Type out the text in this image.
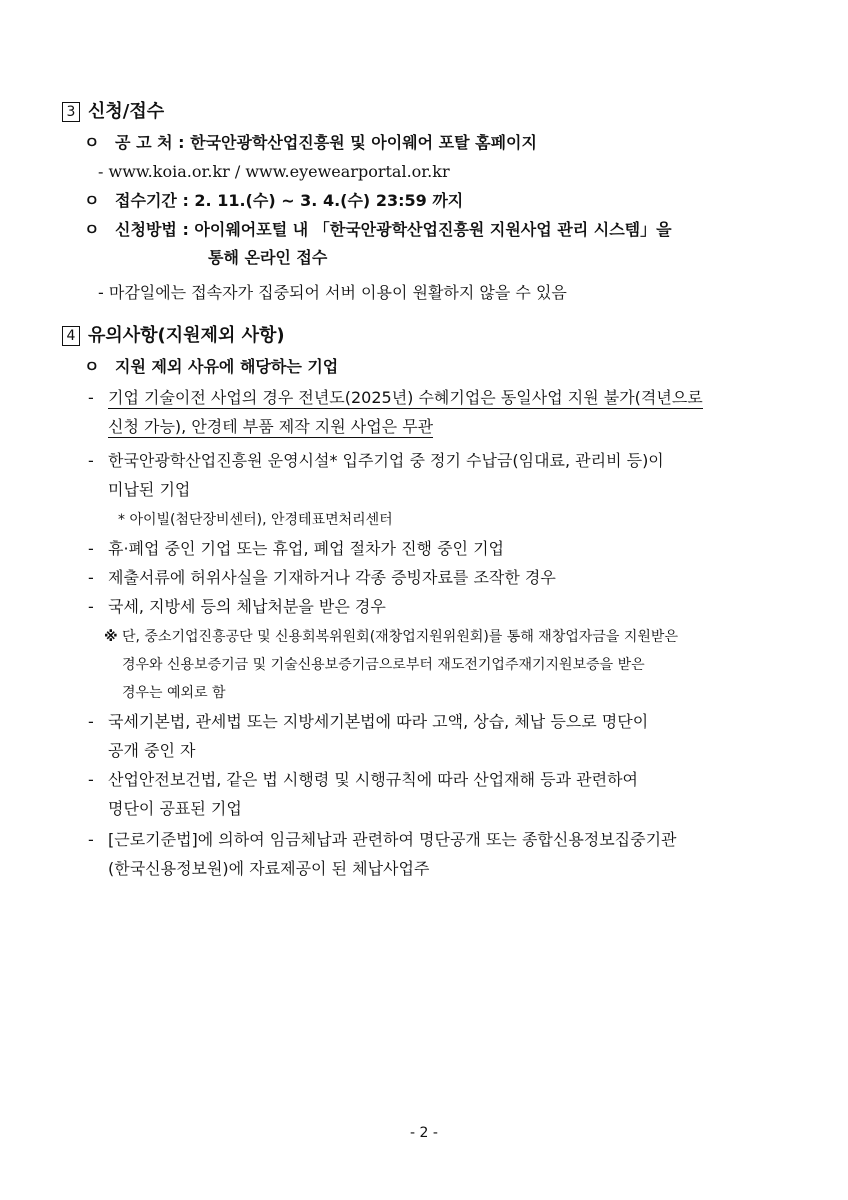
3 신청/접수
ㅇ 공 고 처 : 한국안광학산업진흥원 및 아이웨어 포탈 홈페이지
- www.koia.or.kr / www.eyewearportal.or.kr
ㅇ 접수기간 : 2. 11.(수) ~ 3. 4.(수) 23:59 까지
ㅇ 신청방법 : 아이웨어포털 내 「한국안광학산업진흥원 지원사업 관리 시스템」을
통해 온라인 접수
- 마감일에는 접속자가 집중되어 서버 이용이 원활하지 않을 수 있음
4 유의사항(지원제외 사항)
ㅇ 지원 제외 사유에 해당하는 기업
- 기업 기술이전 사업의 경우 전년도(2025년) 수혜기업은 동일사업 지원 불가(격년으로
신청 가능), 안경테 부품 제작 지원 사업은 무관
- 한국안광학산업진흥원 운영시설* 입주기업 중 정기 수납금(임대료, 관리비 등)이
미납된 기업
* 아이빌(첨단장비센터), 안경테표면처리센터
- 휴·폐업 중인 기업 또는 휴업, 폐업 절차가 진행 중인 기업
- 제출서류에 허위사실을 기재하거나 각종 증빙자료를 조작한 경우
- 국세, 지방세 등의 체납처분을 받은 경우
※ 단, 중소기업진흥공단 및 신용회복위원회(재창업지원위원회)를 통해 재창업자금을 지원받은
경우와 신용보증기금 및 기술신용보증기금으로부터 재도전기업주재기지원보증을 받은
경우는 예외로 함
- 국세기본법, 관세법 또는 지방세기본법에 따라 고액, 상습, 체납 등으로 명단이
공개 중인 자
- 산업안전보건법, 같은 법 시행령 및 시행규칙에 따라 산업재해 등과 관련하여
명단이 공표된 기업
- [근로기준법]에 의하여 임금체납과 관련하여 명단공개 또는 종합신용정보집중기관
(한국신용정보원)에 자료제공이 된 체납사업주
- 2 -
